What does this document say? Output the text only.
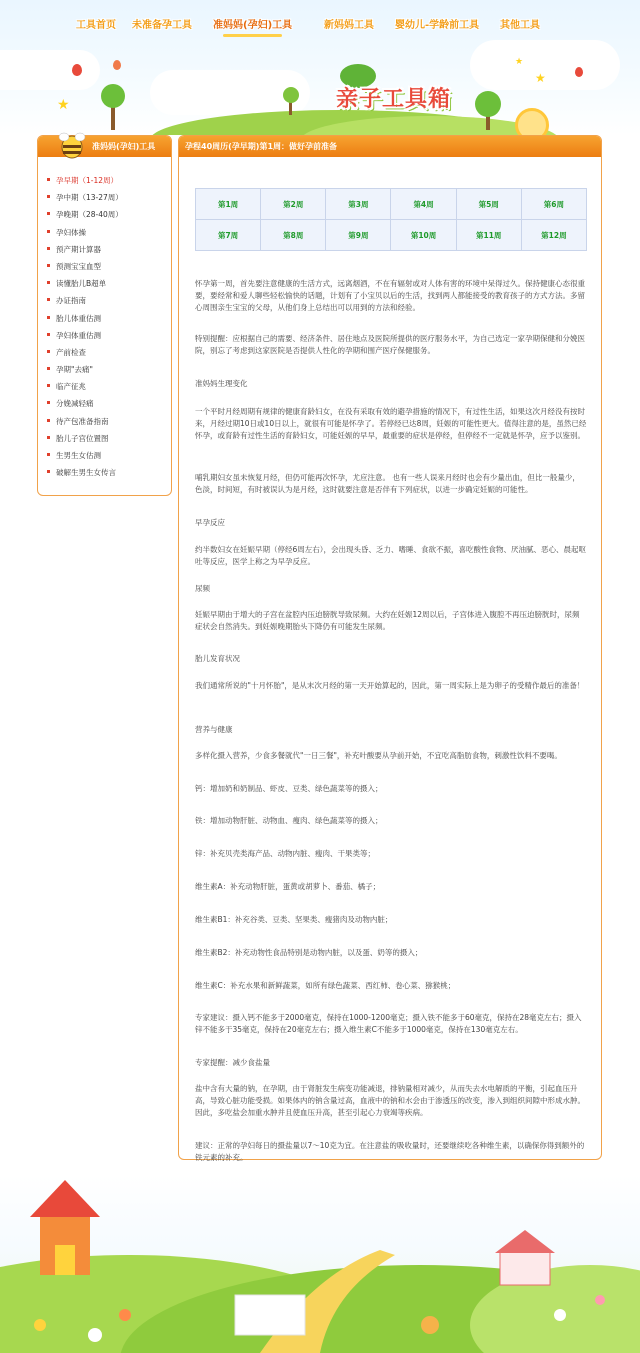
工具首页 未准备孕工具 准妈妈(孕妇)工具	新妈妈工具 婴幼儿-学龄前工具 其他工具
★
★
★
亲子工具箱
准妈妈(孕妇)工具
孕早期（1-12周）
孕中期（13-27周）
孕晚期（28-40周）
孕妇体操
预产期计算器
预测宝宝血型
读懂胎儿B超单
办证指南
胎儿体重估测
孕妇体重估测
产前检查
孕期"去痛"
临产征兆
分娩减轻痛
待产包准备指南
胎儿子宫位置图
生男生女估测
破解生男生女传言
孕程40周历(孕早期)第1周：做好孕前准备
第1周	第2周	第3周	第4周	第5周	第6周
第7周	第8周	第9周	第10周	第11周	第12周

怀孕第一周，首先要注意健康的生活方式，远离烟酒，不在有辐射或对人体有害的环境中呆得过久。保持健康心态很重要，要经常和爱人聊些轻松愉快的话题，计划有了小宝贝以后的生活，找到两人都能接受的教育孩子的方式方法。多留心周围亲生宝宝的父母，从他们身上总结出可以用到的方法和经验。

特别提醒：应根据自己的需要、经济条件、居住地点及医院所提供的医疗服务水平，为自己选定一家孕期保健和分娩医院，别忘了考虑到这家医院是否提供人性化的孕期和围产医疗保健服务。

准妈妈生理变化

一个平时月经周期有规律的健康育龄妇女，在没有采取有效的避孕措施的情况下，有过性生活，如果这次月经没有按时来，月经过期10日或10日以上，就很有可能是怀孕了。若停经已达8周，妊娠的可能性更大。值得注意的是，虽然已经怀孕，或育龄有过性生活的育龄妇女，可能妊娠的早早，最重要的症状是停经，但停经不一定就是怀孕，应予以鉴别。

哺乳期妇女虽未恢复月经，但仍可能再次怀孕，尤应注意。 也有一些人误来月经时也会有少量出血，但比一般量少，色淡，时间短，有时被误认为是月经，这时就要注意是否伴有下列症状，以进一步确定妊娠的可能性。

早孕反应

约半数妇女在妊娠早期（停经6周左右），会出现头昏、乏力、嗜睡、食欲不振，喜吃酸性食物、厌油腻、恶心、晨起呕吐等反应，医学上称之为早孕反应。

尿频

妊娠早期由于增大的子宫在盆腔内压迫膀胱导致尿频。大约在妊娠12周以后，子宫体进入腹腔不再压迫膀胱时，尿频症状会自然消失。到妊娠晚期胎头下降仍有可能发生尿频。

胎儿发育状况

我们通常所说的"十月怀胎"，是从末次月经的第一天开始算起的，因此，第一周实际上是为卵子的受精作最后的准备！

营养与健康

多样化摄入营养，少食多餐就代"一日三餐"，补充叶酸要从孕前开始，不宜吃高脂肪食物，刺激性饮料不要喝。

钙：增加奶和奶制品、虾皮、豆类、绿色蔬菜等的摄入；

铁：增加动物肝脏、动物血、瘦肉、绿色蔬菜等的摄入；

锌：补充贝壳类海产品、动物内脏、瘦肉、干果类等；

维生素A：补充动物肝脏，蛋黄或胡萝卜、番茄、橘子；

维生素B1：补充谷类、豆类、坚果类、瘦猪肉及动物内脏；

维生素B2：补充动物性食品特别是动物内脏，以及蛋、奶等的摄入；

维生素C：补充水果和新鲜蔬菜，如所有绿色蔬菜、西红柿、卷心菜、猕猴桃；

专家建议：摄入钙不能多于2000毫克，保持在1000-1200毫克；摄入铁不能多于60毫克，保持在28毫克左右；摄入锌不能多于35毫克，保持在20毫克左右；摄入维生素C不能多于1000毫克，保持在130毫克左右。

专家提醒：减少食盐量

盐中含有大量的钠，在孕期，由于肾脏发生病变功能减退，排钠量相对减少，从而失去水电解质的平衡，引起血压升高，导致心脏功能受损。如果体内的钠含量过高，血液中的钠和水会由于渗透压的改变，渗入到组织间隙中形成水肿。因此，多吃盐会加重水肿并且使血压升高，甚至引起心力衰竭等疾病。

建议：正常的孕妇每日的摄盐量以7～10克为宜。在注意盐的吸收量时，还要继续吃各种维生素，以确保你得到额外的铁元素的补充。
